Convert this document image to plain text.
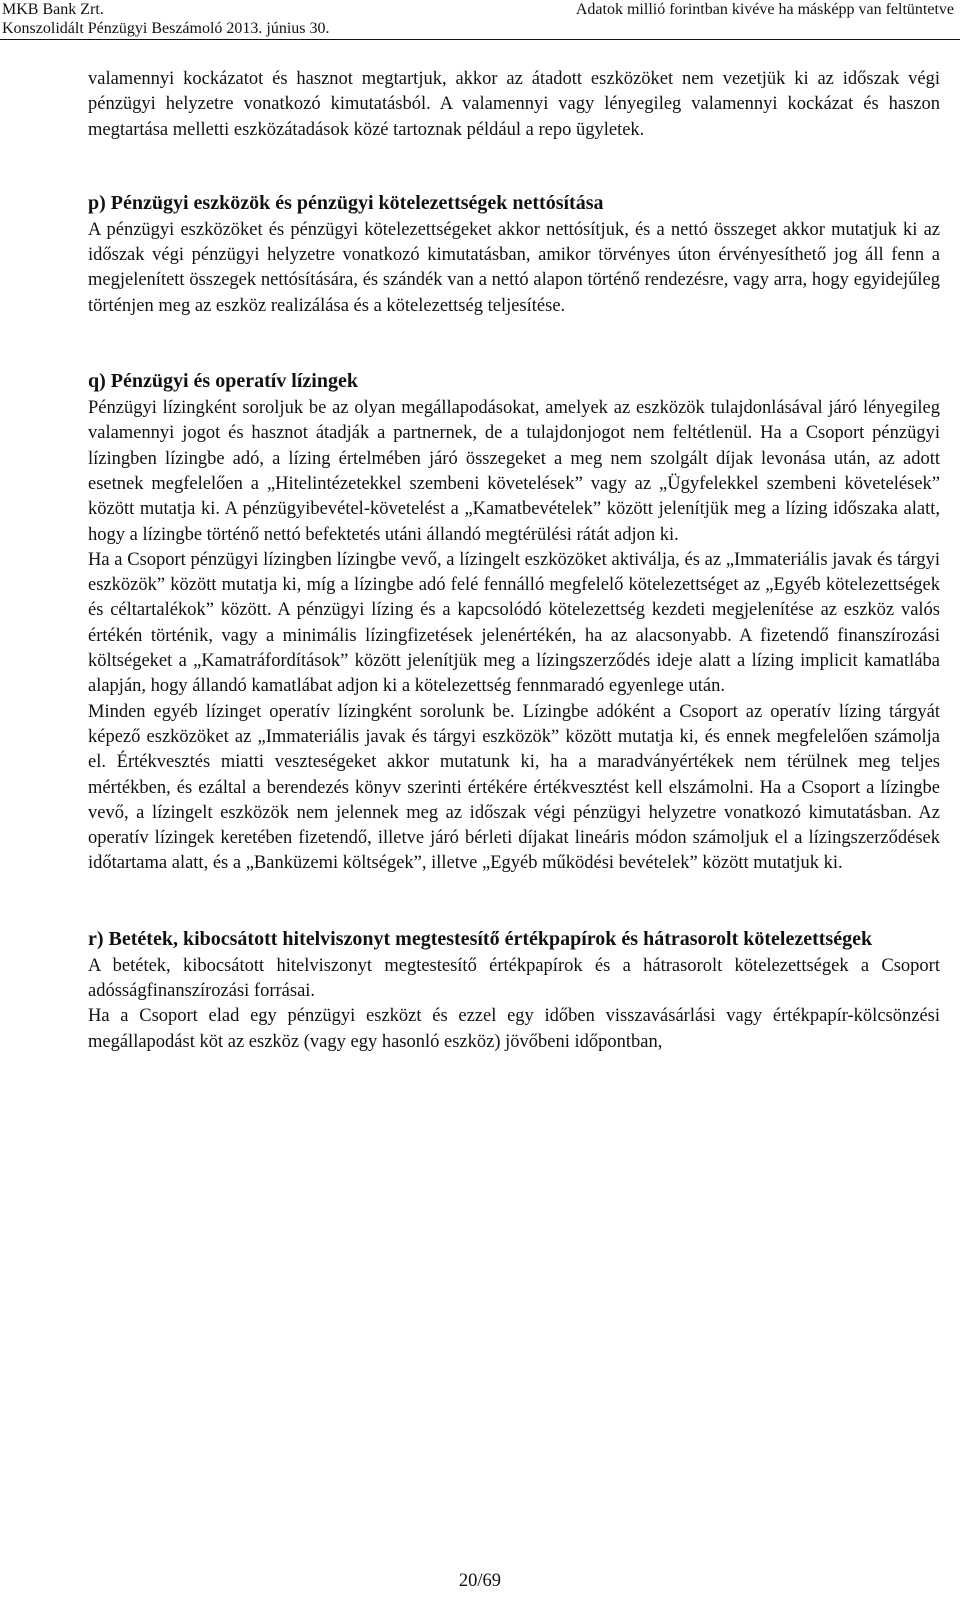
MKB Bank Zrt.
Konszolidált Pénzügyi Beszámoló 2013. június 30.
Adatok millió forintban kivéve ha másképp van feltüntetve

valamennyi kockázatot és hasznot megtartjuk, akkor az átadott eszközöket nem vezetjük ki az időszak végi pénzügyi helyzetre vonatkozó kimutatásból. A valamennyi vagy lényegileg valamennyi kockázat és haszon megtartása melletti eszközátadások közé tartoznak például a repo ügyletek.

p) Pénzügyi eszközök és pénzügyi kötelezettségek nettósítása

A pénzügyi eszközöket és pénzügyi kötelezettségeket akkor nettósítjuk, és a nettó összeget akkor mutatjuk ki az időszak végi pénzügyi helyzetre vonatkozó kimutatásban, amikor törvényes úton érvényesíthető jog áll fenn a megjelenített összegek nettósítására, és szándék van a nettó alapon történő rendezésre, vagy arra, hogy egyidejűleg történjen meg az eszköz realizálása és a kötelezettség teljesítése.

q) Pénzügyi és operatív lízingek

Pénzügyi lízingként soroljuk be az olyan megállapodásokat, amelyek az eszközök tulajdonlásával járó lényegileg valamennyi jogot és hasznot átadják a partnernek, de a tulajdonjogot nem feltétlenül. Ha a Csoport pénzügyi lízingben lízingbe adó, a lízing értelmében járó összegeket a meg nem szolgált díjak levonása után, az adott esetnek megfelelően a „Hitelintézetekkel szembeni követelések” vagy az „Ügyfelekkel szembeni követelések” között mutatja ki. A pénzügyibevétel-követelést a „Kamatbevételek” között jelenítjük meg a lízing időszaka alatt, hogy a lízingbe történő nettó befektetés utáni állandó megtérülési rátát adjon ki.

Ha a Csoport pénzügyi lízingben lízingbe vevő, a lízingelt eszközöket aktiválja, és az „Immateriális javak és tárgyi eszközök” között mutatja ki, míg a lízingbe adó felé fennálló megfelelő kötelezettséget az „Egyéb kötelezettségek és céltartalékok” között. A pénzügyi lízing és a kapcsolódó kötelezettség kezdeti megjelenítése az eszköz valós értékén történik, vagy a minimális lízingfizetések jelenértékén, ha az alacsonyabb. A fizetendő finanszírozási költségeket a „Kamatráfordítások” között jelenítjük meg a lízingszerződés ideje alatt a lízing implicit kamatlába alapján, hogy állandó kamatlábat adjon ki a kötelezettség fennmaradó egyenlege után.

Minden egyéb lízinget operatív lízingként sorolunk be. Lízingbe adóként a Csoport az operatív lízing tárgyát képező eszközöket az „Immateriális javak és tárgyi eszközök” között mutatja ki, és ennek megfelelően számolja el. Értékvesztés miatti veszteségeket akkor mutatunk ki, ha a maradványértékek nem térülnek meg teljes mértékben, és ezáltal a berendezés könyv szerinti értékére értékvesztést kell elszámolni. Ha a Csoport a lízingbe vevő, a lízingelt eszközök nem jelennek meg az időszak végi pénzügyi helyzetre vonatkozó kimutatásban. Az operatív lízingek keretében fizetendő, illetve járó bérleti díjakat lineáris módon számoljuk el a lízingszerződések időtartama alatt, és a „Banküzemi költségek”, illetve „Egyéb működési bevételek” között mutatjuk ki.

r) Betétek, kibocsátott hitelviszonyt megtestesítő értékpapírok és hátrasorolt kötelezettségek

A betétek, kibocsátott hitelviszonyt megtestesítő értékpapírok és a hátrasorolt kötelezettségek a Csoport adósságfinanszírozási forrásai.

Ha a Csoport elad egy pénzügyi eszközt és ezzel egy időben visszavásárlási vagy értékpapír-kölcsönzési megállapodást köt az eszköz (vagy egy hasonló eszköz) jövőbeni időpontban,

20/69
